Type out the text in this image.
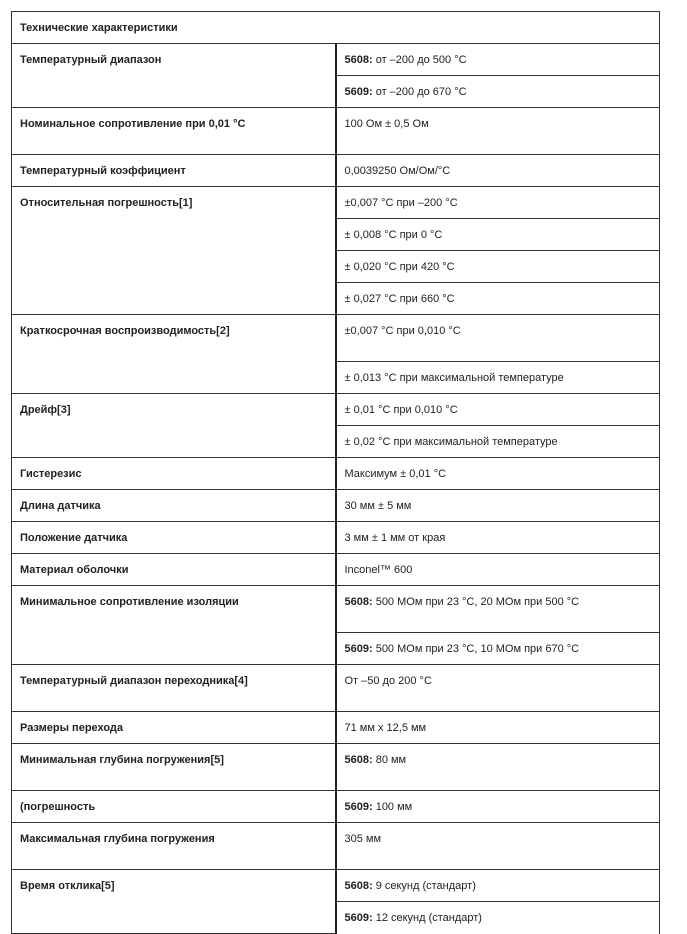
Технические характеристики	
Температурный диапазон	5608: от –200 до 500 °C
	5609: от –200 до 670 °C
Номинальное сопротивление при 0,01 °C	100 Ом ± 0,5 Ом
Температурный коэффициент	0,0039250 Ом/Ом/°C
Относительная погрешность[1]	±0,007 °C при –200 °C
	± 0,008 °C при 0 °C
	± 0,020 °C при 420 °C
	± 0,027 °C при 660 °C
Краткосрочная воспроизводимость[2]	±0,007 °C при 0,010 °C
	± 0,013 °C при максимальной температуре
Дрейф[3]	± 0,01 °C при 0,010 °C
	± 0,02 °C при максимальной температуре
Гистерезис	Максимум ± 0,01 °C
Длина датчика	30 мм ± 5 мм
Положение датчика	3 мм ± 1 мм от края
Материал оболочки	Inconel™ 600
Минимальное сопротивление изоляции	5608: 500 МОм при 23 °C, 20 МОм при 500 °C
	5609: 500 МОм при 23 °C, 10 МОм при 670 °C
Температурный диапазон переходника[4]	От –50 до 200 °C
Размеры перехода	71 мм x 12,5 мм
Минимальная глубина погружения[5]	5608: 80 мм
(погрешность	5609: 100 мм
Максимальная глубина погружения	305 мм
Время отклика[5]	5608: 9 секунд (стандарт)
	5609: 12 секунд (стандарт)
